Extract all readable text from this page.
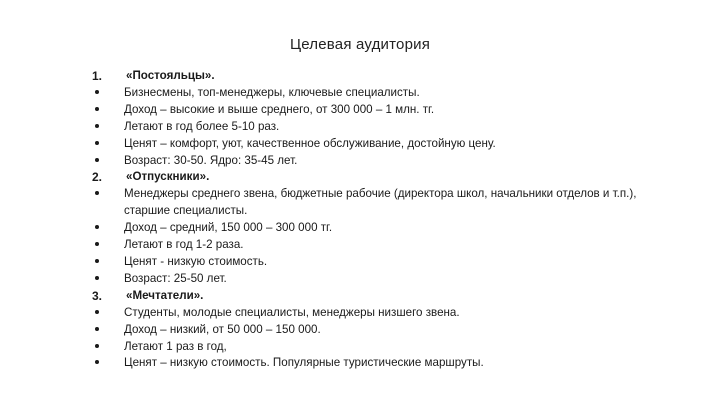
Целевая аудитория
1.	«Постояльцы».
Бизнесмены, топ-менеджеры, ключевые специалисты.
Доход – высокие и выше среднего, от 300 000 – 1 млн. тг.
Летают в год более 5-10 раз.
Ценят – комфорт, уют, качественное обслуживание, достойную цену.
Возраст: 30-50. Ядро: 35-45 лет.
2.	«Отпускники».
Менеджеры среднего звена, бюджетные рабочие (директора школ, начальники отделов и т.п.), старшие специалисты.
Доход – средний, 150 000 – 300 000 тг.
Летают в год 1-2 раза.
Ценят - низкую стоимость.
Возраст: 25-50 лет.
3.	«Мечтатели».
Студенты, молодые специалисты, менеджеры низшего звена.
Доход – низкий, от 50 000 – 150 000.
Летают 1 раз в год,
Ценят – низкую стоимость. Популярные туристические маршруты.
